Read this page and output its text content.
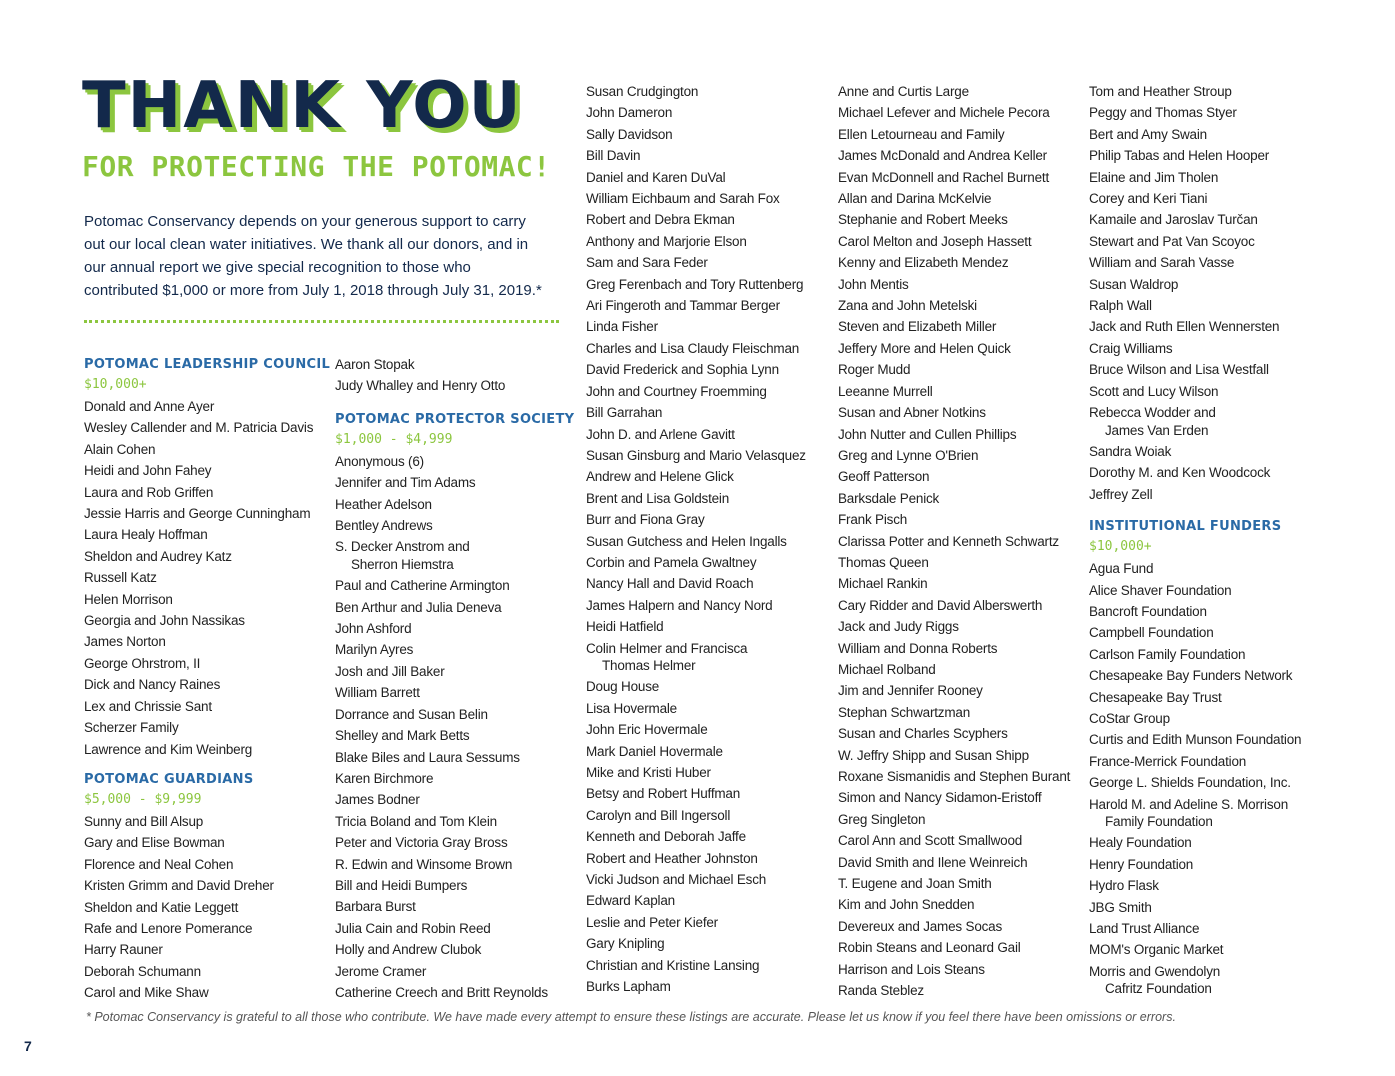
THANK YOU
FOR PROTECTING THE POTOMAC!

Potomac Conservancy depends on your generous support to carry out our local clean water initiatives. We thank all our donors, and in our annual report we give special recognition to those who contributed $1,000 or more from July 1, 2018 through July 31, 2019.*

POTOMAC LEADERSHIP COUNCIL
$10,000+
Donald and Anne Ayer
Wesley Callender and M. Patricia Davis
Alain Cohen
Heidi and John Fahey
Laura and Rob Griffen
Jessie Harris and George Cunningham
Laura Healy Hoffman
Sheldon and Audrey Katz
Russell Katz
Helen Morrison
Georgia and John Nassikas
James Norton
George Ohrstrom, II
Dick and Nancy Raines
Lex and Chrissie Sant
Scherzer Family
Lawrence and Kim Weinberg
POTOMAC GUARDIANS
$5,000 - $9,999
Sunny and Bill Alsup
Gary and Elise Bowman
Florence and Neal Cohen
Kristen Grimm and David Dreher
Sheldon and Katie Leggett
Rafe and Lenore Pomerance
Harry Rauner
Deborah Schumann
Carol and Mike Shaw
Aaron Stopak
Judy Whalley and Henry Otto
POTOMAC PROTECTOR SOCIETY
$1,000 - $4,999
Anonymous (6)
Jennifer and Tim Adams
Heather Adelson
Bentley Andrews
S. Decker Anstrom and
Sherron Hiemstra
Paul and Catherine Armington
Ben Arthur and Julia Deneva
John Ashford
Marilyn Ayres
Josh and Jill Baker
William Barrett
Dorrance and Susan Belin
Shelley and Mark Betts
Blake Biles and Laura Sessums
Karen Birchmore
James Bodner
Tricia Boland and Tom Klein
Peter and Victoria Gray Bross
R. Edwin and Winsome Brown
Bill and Heidi Bumpers
Barbara Burst
Julia Cain and Robin Reed
Holly and Andrew Clubok
Jerome Cramer
Catherine Creech and Britt Reynolds
Susan Crudgington
John Dameron
Sally Davidson
Bill Davin
Daniel and Karen DuVal
William Eichbaum and Sarah Fox
Robert and Debra Ekman
Anthony and Marjorie Elson
Sam and Sara Feder
Greg Ferenbach and Tory Ruttenberg
Ari Fingeroth and Tammar Berger
Linda Fisher
Charles and Lisa Claudy Fleischman
David Frederick and Sophia Lynn
John and Courtney Froemming
Bill Garrahan
John D. and Arlene Gavitt
Susan Ginsburg and Mario Velasquez
Andrew and Helene Glick
Brent and Lisa Goldstein
Burr and Fiona Gray
Susan Gutchess and Helen Ingalls
Corbin and Pamela Gwaltney
Nancy Hall and David Roach
James Halpern and Nancy Nord
Heidi Hatfield
Colin Helmer and Francisca
Thomas Helmer
Doug House
Lisa Hovermale
John Eric Hovermale
Mark Daniel Hovermale
Mike and Kristi Huber
Betsy and Robert Huffman
Carolyn and Bill Ingersoll
Kenneth and Deborah Jaffe
Robert and Heather Johnston
Vicki Judson and Michael Esch
Edward Kaplan
Leslie and Peter Kiefer
Gary Knipling
Christian and Kristine Lansing
Burks Lapham
Anne and Curtis Large
Michael Lefever and Michele Pecora
Ellen Letourneau and Family
James McDonald and Andrea Keller
Evan McDonnell and Rachel Burnett
Allan and Darina McKelvie
Stephanie and Robert Meeks
Carol Melton and Joseph Hassett
Kenny and Elizabeth Mendez
John Mentis
Zana and John Metelski
Steven and Elizabeth Miller
Jeffery More and Helen Quick
Roger Mudd
Leeanne Murrell
Susan and Abner Notkins
John Nutter and Cullen Phillips
Greg and Lynne O'Brien
Geoff Patterson
Barksdale Penick
Frank Pisch
Clarissa Potter and Kenneth Schwartz
Thomas Queen
Michael Rankin
Cary Ridder and David Alberswerth
Jack and Judy Riggs
William and Donna Roberts
Michael Rolband
Jim and Jennifer Rooney
Stephan Schwartzman
Susan and Charles Scyphers
W. Jeffry Shipp and Susan Shipp
Roxane Sismanidis and Stephen Burant
Simon and Nancy Sidamon-Eristoff
Greg Singleton
Carol Ann and Scott Smallwood
David Smith and Ilene Weinreich
T. Eugene and Joan Smith
Kim and John Snedden
Devereux and James Socas
Robin Steans and Leonard Gail
Harrison and Lois Steans
Randa Steblez
Tom and Heather Stroup
Peggy and Thomas Styer
Bert and Amy Swain
Philip Tabas and Helen Hooper
Elaine and Jim Tholen
Corey and Keri Tiani
Kamaile and Jaroslav Turčan
Stewart and Pat Van Scoyoc
William and Sarah Vasse
Susan Waldrop
Ralph Wall
Jack and Ruth Ellen Wennersten
Craig Williams
Bruce Wilson and Lisa Westfall
Scott and Lucy Wilson
Rebecca Wodder and
James Van Erden
Sandra Woiak
Dorothy M. and Ken Woodcock
Jeffrey Zell
INSTITUTIONAL FUNDERS
$10,000+
Agua Fund
Alice Shaver Foundation
Bancroft Foundation
Campbell Foundation
Carlson Family Foundation
Chesapeake Bay Funders Network
Chesapeake Bay Trust
CoStar Group
Curtis and Edith Munson Foundation
France-Merrick Foundation
George L. Shields Foundation, Inc.
Harold M. and Adeline S. Morrison
Family Foundation
Healy Foundation
Henry Foundation
Hydro Flask
JBG Smith
Land Trust Alliance
MOM's Organic Market
Morris and Gwendolyn
Cafritz Foundation

* Potomac Conservancy is grateful to all those who contribute. We have made every attempt to ensure these listings are accurate. Please let us know if you feel there have been omissions or errors.

7
